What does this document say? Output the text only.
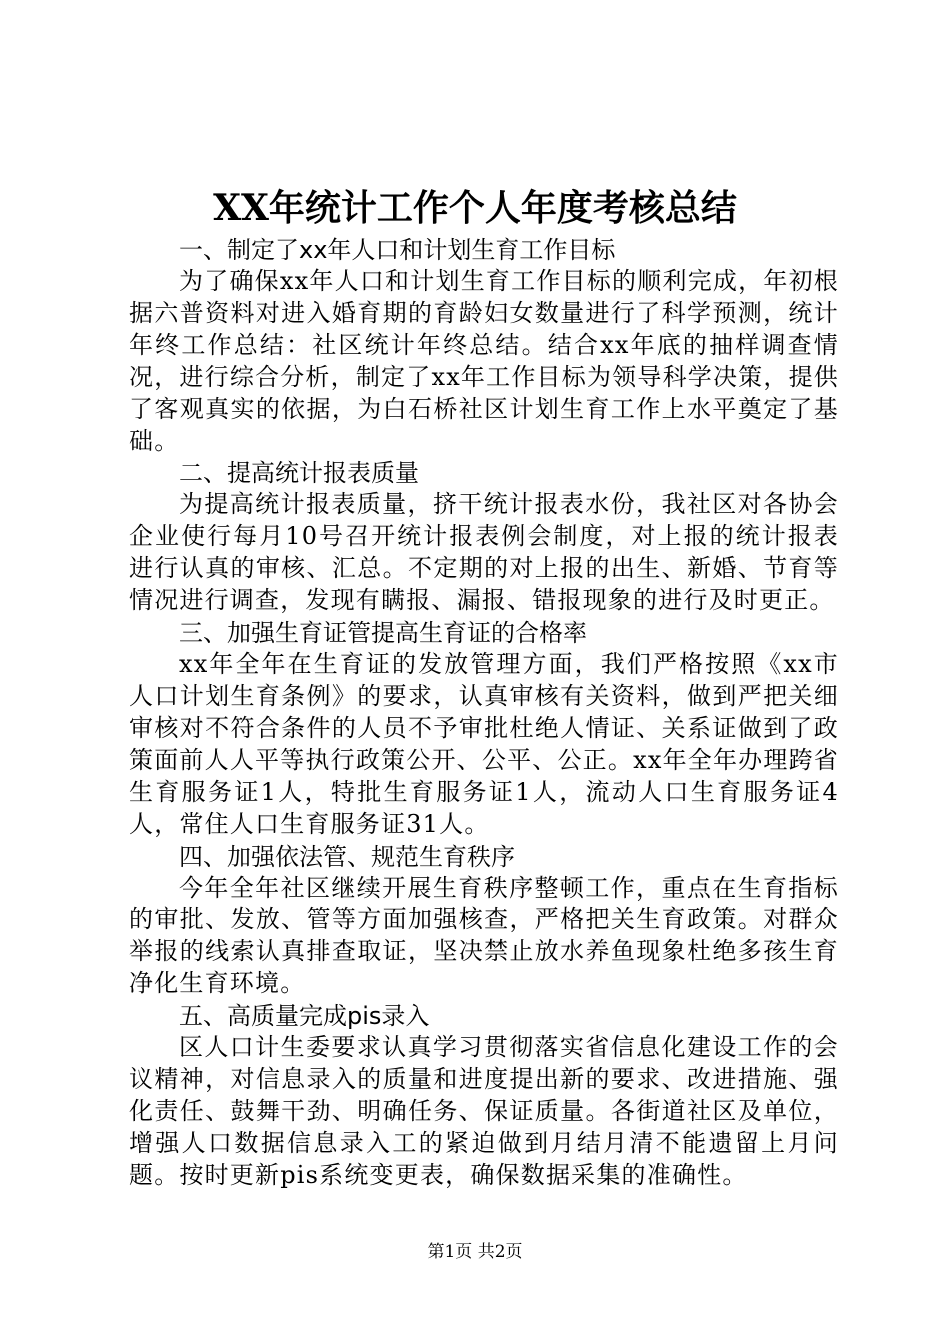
XX年统计工作个人年度考核总结

一、制定了xx年人口和计划生育工作目标

为了确保xx年人口和计划生育工作目标的顺利完成，年初根据六普资料对进入婚育期的育龄妇女数量进行了科学预测，统计年终工作总结：社区统计年终总结。结合xx年底的抽样调查情况，进行综合分析，制定了xx年工作目标为领导科学决策，提供了客观真实的依据，为白石桥社区计划生育工作上水平奠定了基础。

二、提高统计报表质量

为提高统计报表质量，挤干统计报表水份，我社区对各协会企业使行每月10号召开统计报表例会制度，对上报的统计报表进行认真的审核、汇总。不定期的对上报的出生、新婚、节育等情况进行调查，发现有瞒报、漏报、错报现象的进行及时更正。

三、加强生育证管提高生育证的合格率

xx年全年在生育证的发放管理方面，我们严格按照《xx市人口计划生育条例》的要求，认真审核有关资料，做到严把关细审核对不符合条件的人员不予审批杜绝人情证、关系证做到了政策面前人人平等执行政策公开、公平、公正。xx年全年办理跨省生育服务证1人，特批生育服务证1人，流动人口生育服务证4人，常住人口生育服务证31人。

四、加强依法管、规范生育秩序

今年全年社区继续开展生育秩序整顿工作，重点在生育指标的审批、发放、管等方面加强核查，严格把关生育政策。对群众举报的线索认真排查取证，坚决禁止放水养鱼现象杜绝多孩生育净化生育环境。

五、高质量完成pis录入

区人口计生委要求认真学习贯彻落实省信息化建设工作的会议精神，对信息录入的质量和进度提出新的要求、改进措施、强化责任、鼓舞干劲、明确任务、保证质量。各街道社区及单位，增强人口数据信息录入工的紧迫做到月结月清不能遗留上月问题。按时更新pis系统变更表，确保数据采集的准确性。

第1页 共2页
